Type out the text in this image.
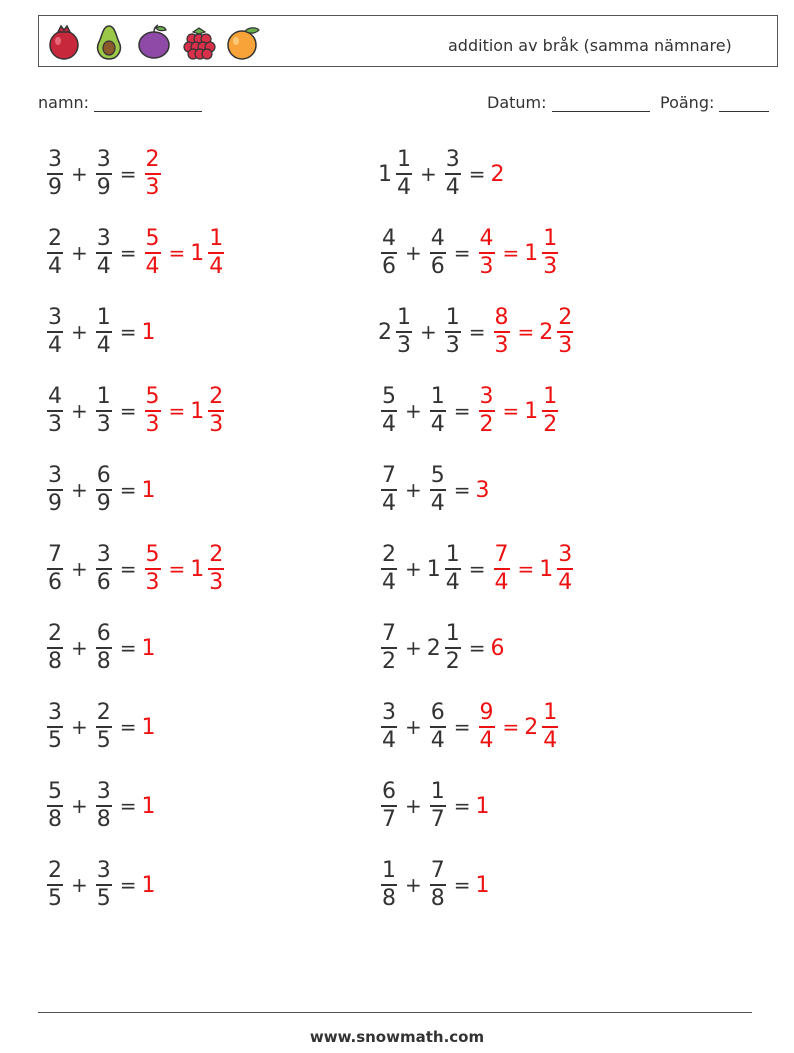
addition av bråk (samma nämnare)
namn:	Datum:	Poäng:
$\frac{3}{9} + \frac{3}{9} = \frac{2}{3}$	$1 \frac{1}{4} + \frac{3}{4} = 2$
$\frac{2}{4} + \frac{3}{4} = \frac{5}{4} = 1 \frac{1}{4}$	$\frac{4}{6} + \frac{4}{6} = \frac{4}{3} = 1 \frac{1}{3}$
$\frac{3}{4} + \frac{1}{4} = 1$	$2 \frac{1}{3} + \frac{1}{3} = \frac{8}{3} = 2 \frac{2}{3}$
$\frac{4}{3} + \frac{1}{3} = \frac{5}{3} = 1 \frac{2}{3}$	$\frac{5}{4} + \frac{1}{4} = \frac{3}{2} = 1 \frac{1}{2}$
$\frac{3}{9} + \frac{6}{9} = 1$	$\frac{7}{4} + \frac{5}{4} = 3$
$\frac{7}{6} + \frac{3}{6} = \frac{5}{3} = 1 \frac{2}{3}$	$\frac{2}{4} + 1 \frac{1}{4} = \frac{7}{4} = 1 \frac{3}{4}$
$\frac{2}{8} + \frac{6}{8} = 1$	$\frac{7}{2} + 2 \frac{1}{2} = 6$
$\frac{3}{5} + \frac{2}{5} = 1$	$\frac{3}{4} + \frac{6}{4} = \frac{9}{4} = 2 \frac{1}{4}$
$\frac{5}{8} + \frac{3}{8} = 1$	$\frac{6}{7} + \frac{1}{7} = 1$
$\frac{2}{5} + \frac{3}{5} = 1$	$\frac{1}{8} + \frac{7}{8} = 1$
www.snowmath.com
